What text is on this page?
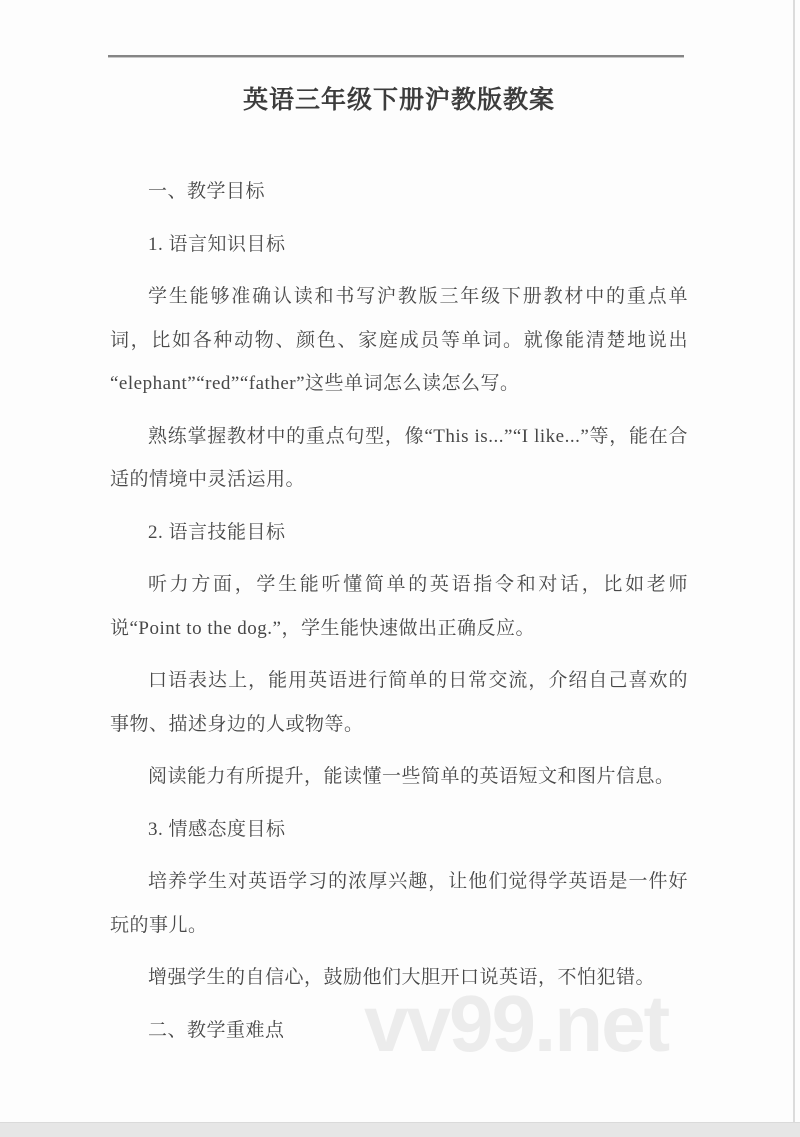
vv99.net
英语三年级下册沪教版教案
一、教学目标
1. 语言知识目标
学生能够准确认读和书写沪教版三年级下册教材中的重点单词，比如各种动物、颜色、家庭成员等单词。就像能清楚地说出 “elephant”“red”“father”这些单词怎么读怎么写。
熟练掌握教材中的重点句型，像“This is...”“I like...”等，能在合适的情境中灵活运用。
2. 语言技能目标
听力方面，学生能听懂简单的英语指令和对话，比如老师说“Point to the dog.”，学生能快速做出正确反应。
口语表达上，能用英语进行简单的日常交流，介绍自己喜欢的事物、描述身边的人或物等。
阅读能力有所提升，能读懂一些简单的英语短文和图片信息。
3. 情感态度目标
培养学生对英语学习的浓厚兴趣，让他们觉得学英语是一件好玩的事儿。
增强学生的自信心，鼓励他们大胆开口说英语，不怕犯错。
二、教学重难点
